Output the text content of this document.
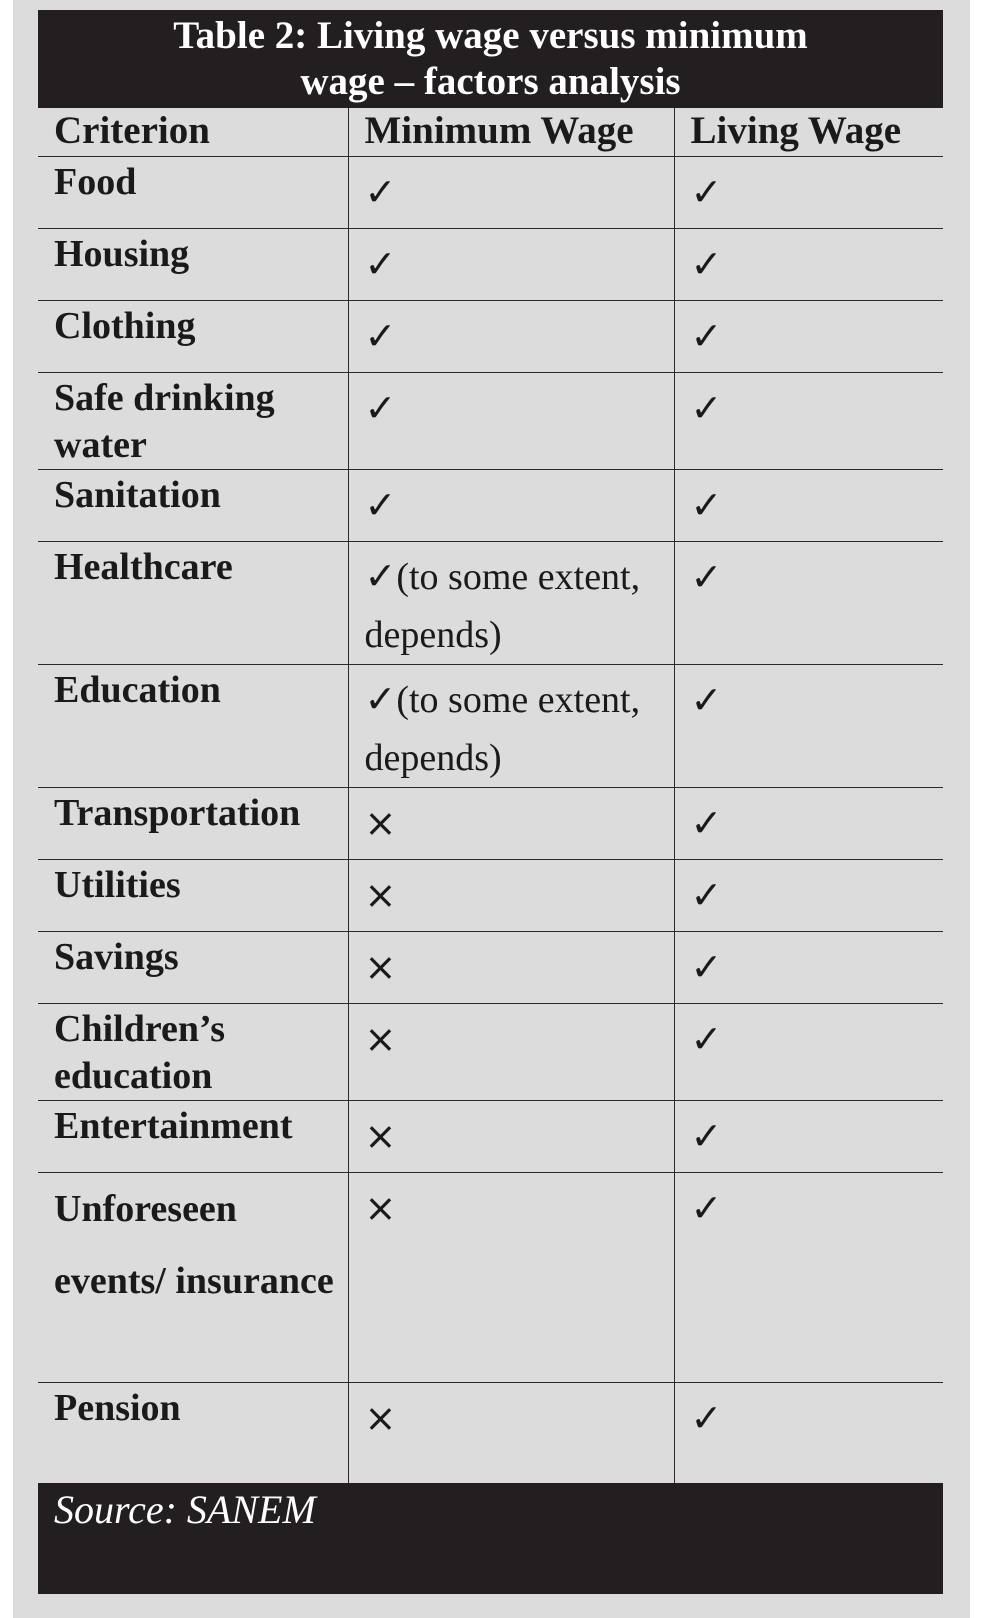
Table 2: Living wage versus minimum
wage – factors analysis
Criterion	Minimum Wage	Living Wage
Food	✓	✓
Housing	✓	✓
Clothing	✓	✓
Safe drinking water	✓	✓
Sanitation	✓	✓
Healthcare	✓(to some extent, depends)	✓
Education	✓(to some extent, depends)	✓
Transportation	×	✓
Utilities	×	✓
Savings	×	✓
Children’s education	×	✓
Entertainment	×	✓
Unforeseen events/ insurance	×	✓
Pension	×	✓
Source: SANEM
